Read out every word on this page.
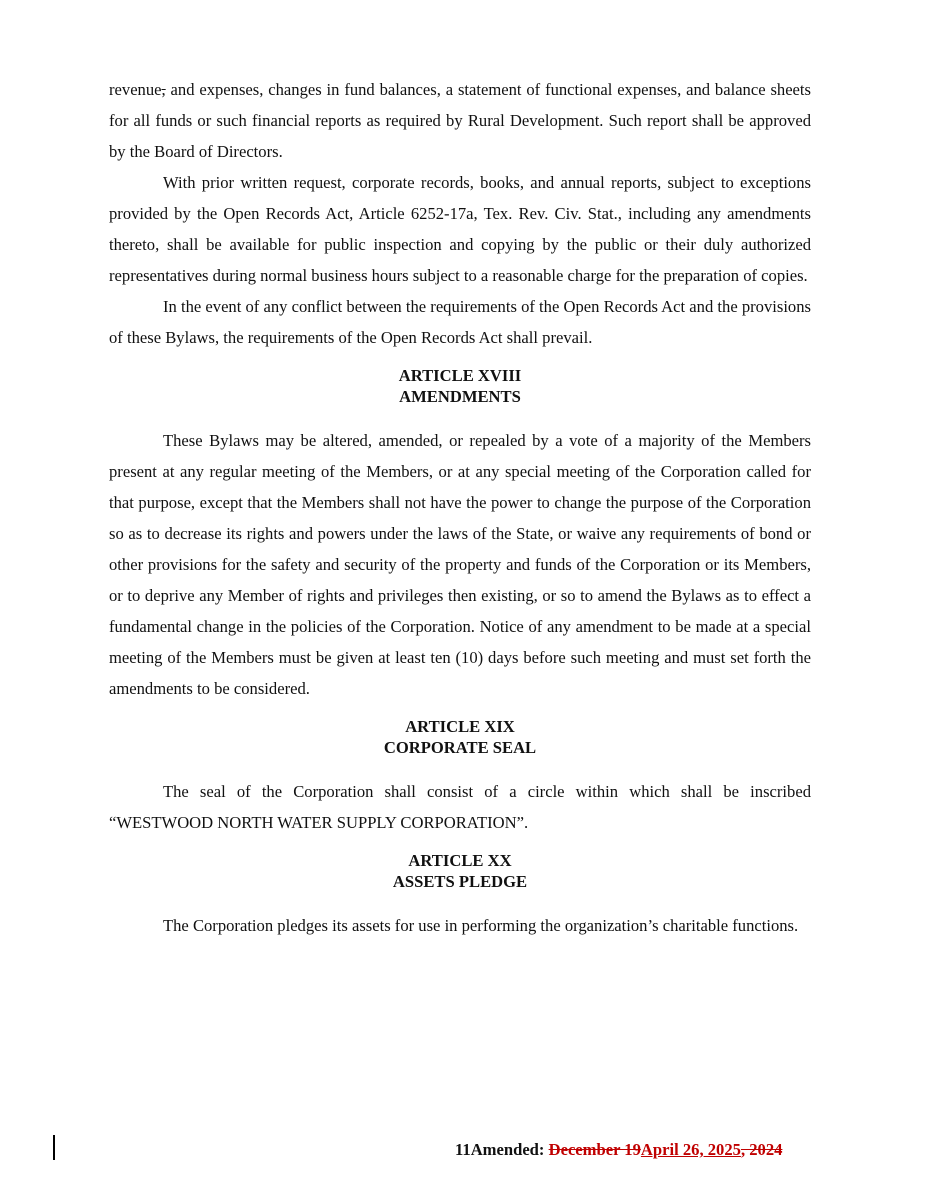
revenue, and expenses, changes in fund balances, a statement of functional expenses, and balance sheets for all funds or such financial reports as required by Rural Development. Such report shall be approved by the Board of Directors.

With prior written request, corporate records, books, and annual reports, subject to exceptions provided by the Open Records Act, Article 6252-17a, Tex. Rev. Civ. Stat., including any amendments thereto, shall be available for public inspection and copying by the public or their duly authorized representatives during normal business hours subject to a reasonable charge for the preparation of copies.

In the event of any conflict between the requirements of the Open Records Act and the provisions of these Bylaws, the requirements of the Open Records Act shall prevail.

ARTICLE XVIII

AMENDMENTS

These Bylaws may be altered, amended, or repealed by a vote of a majority of the Members present at any regular meeting of the Members, or at any special meeting of the Corporation called for that purpose, except that the Members shall not have the power to change the purpose of the Corporation so as to decrease its rights and powers under the laws of the State, or waive any requirements of bond or other provisions for the safety and security of the property and funds of the Corporation or its Members, or to deprive any Member of rights and privileges then existing, or so to amend the Bylaws as to effect a fundamental change in the policies of the Corporation. Notice of any amendment to be made at a special meeting of the Members must be given at least ten (10) days before such meeting and must set forth the amendments to be considered.

ARTICLE XIX

CORPORATE SEAL

The seal of the Corporation shall consist of a circle within which shall be inscribed “WESTWOOD NORTH WATER SUPPLY CORPORATION”.

ARTICLE XX

ASSETS PLEDGE

The Corporation pledges its assets for use in performing the organization’s charitable functions.

11Amended: December 19April 26, 2025, 2024
